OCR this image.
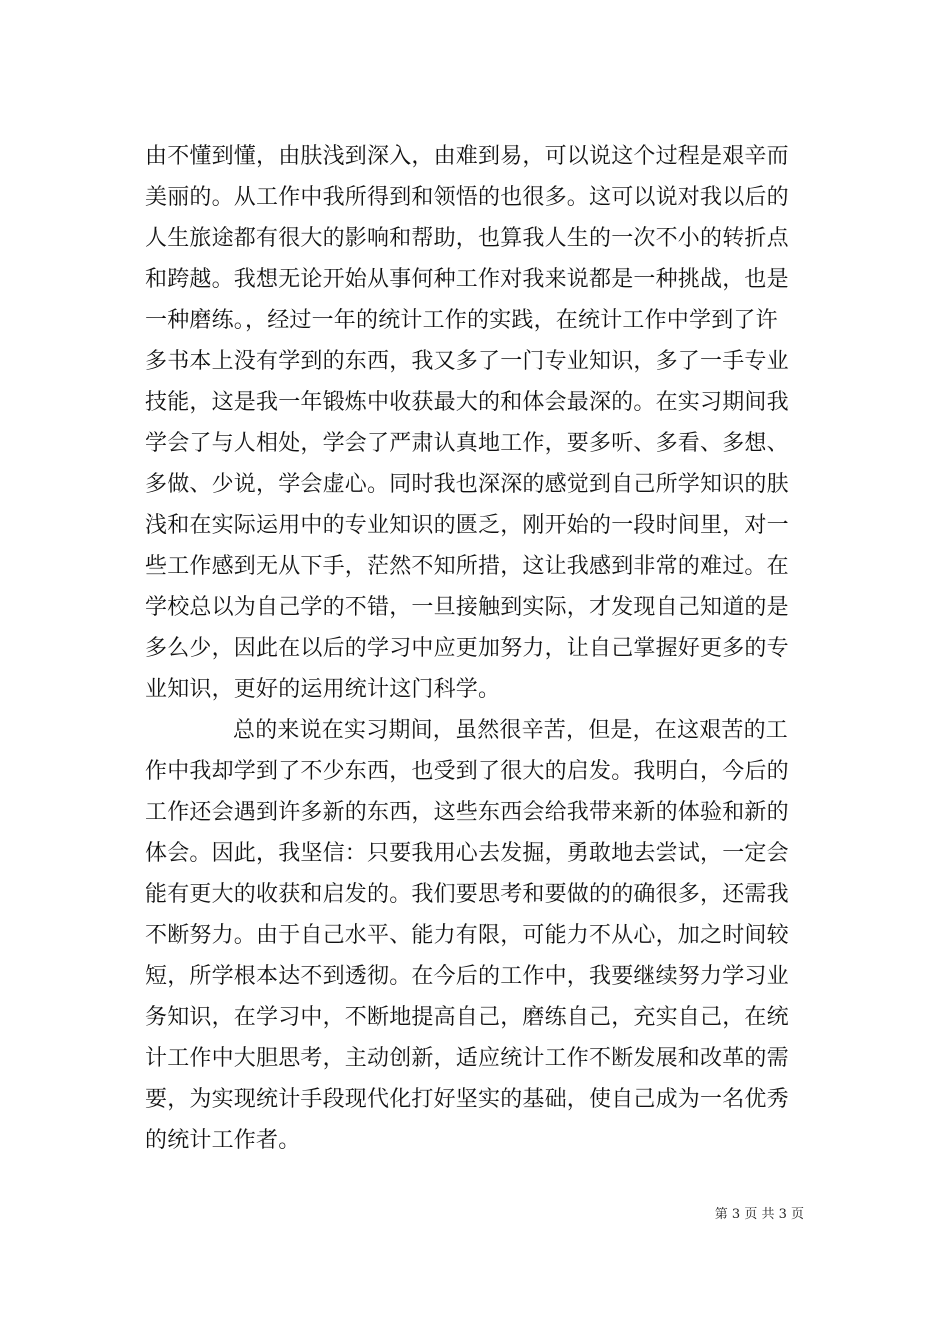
由不懂到懂，由肤浅到深入，由难到易，可以说这个过程是艰辛而
美丽的。从工作中我所得到和领悟的也很多。这可以说对我以后的
人生旅途都有很大的影响和帮助，也算我人生的一次不小的转折点
和跨越。我想无论开始从事何种工作对我来说都是一种挑战，也是
一种磨练。，经过一年的统计工作的实践，在统计工作中学到了许
多书本上没有学到的东西，我又多了一门专业知识，多了一手专业
技能，这是我一年锻炼中收获最大的和体会最深的。在实习期间我
学会了与人相处，学会了严肃认真地工作，要多听、多看、多想、
多做、少说，学会虚心。同时我也深深的感觉到自己所学知识的肤
浅和在实际运用中的专业知识的匮乏，刚开始的一段时间里，对一
些工作感到无从下手，茫然不知所措，这让我感到非常的难过。在
学校总以为自己学的不错，一旦接触到实际，才发现自己知道的是
多么少，因此在以后的学习中应更加努力，让自己掌握好更多的专
业知识，更好的运用统计这门科学。
总的来说在实习期间，虽然很辛苦，但是，在这艰苦的工
作中我却学到了不少东西，也受到了很大的启发。我明白，今后的
工作还会遇到许多新的东西，这些东西会给我带来新的体验和新的
体会。因此，我坚信：只要我用心去发掘，勇敢地去尝试，一定会
能有更大的收获和启发的。我们要思考和要做的的确很多，还需我
不断努力。由于自己水平、能力有限，可能力不从心，加之时间较
短，所学根本达不到透彻。在今后的工作中，我要继续努力学习业
务知识，在学习中，不断地提高自己，磨练自己，充实自己，在统
计工作中大胆思考，主动创新，适应统计工作不断发展和改革的需
要，为实现统计手段现代化打好坚实的基础，使自己成为一名优秀
的统计工作者。
第 3 页 共 3 页
